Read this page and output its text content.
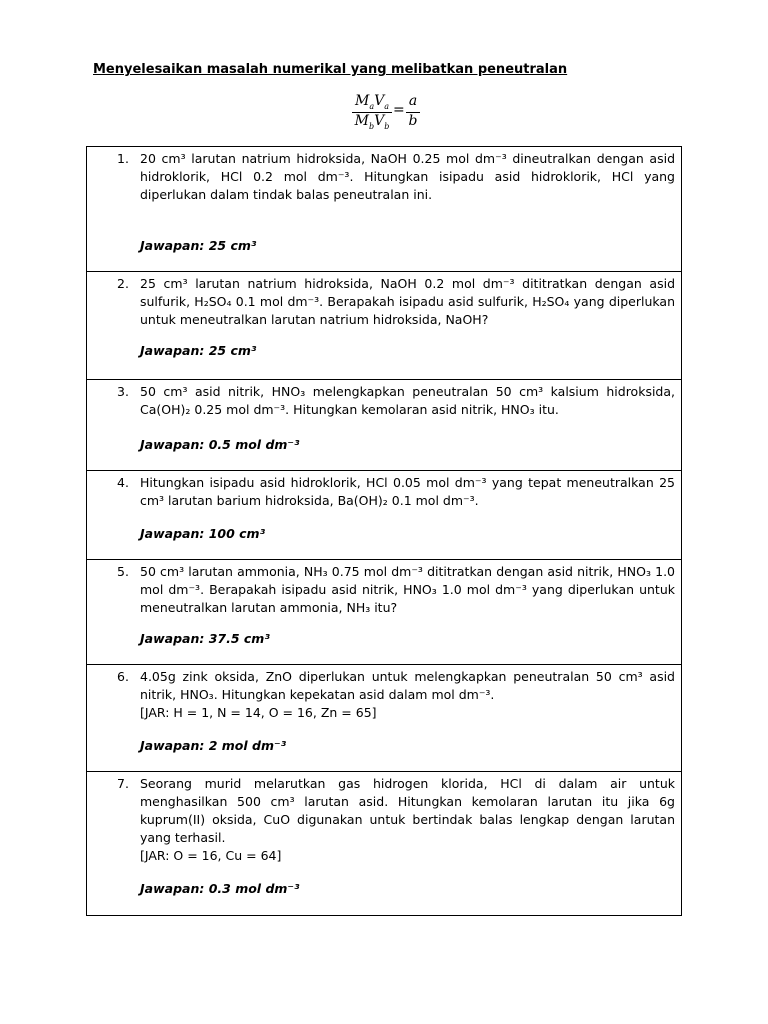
Menyelesaikan masalah numerikal yang melibatkan peneutralan
$M_aV_a$
$M_bV_b$
=
a
b
1. 20 cm³ larutan natrium hidroksida, NaOH 0.25 mol dm⁻³ dineutralkan dengan asid hidroklorik, HCl 0.2 mol dm⁻³. Hitungkan isipadu asid hidroklorik, HCl yang diperlukan dalam tindak balas peneutralan ini.

Jawapan: 25 cm³
2. 25 cm³ larutan natrium hidroksida, NaOH 0.2 mol dm⁻³ dititratkan dengan asid sulfurik, H₂SO₄ 0.1 mol dm⁻³. Berapakah isipadu asid sulfurik, H₂SO₄ yang diperlukan untuk meneutralkan larutan natrium hidroksida, NaOH?

Jawapan: 25 cm³
3. 50 cm³ asid nitrik, HNO₃ melengkapkan peneutralan 50 cm³ kalsium hidroksida, Ca(OH)₂ 0.25 mol dm⁻³. Hitungkan kemolaran asid nitrik, HNO₃ itu.

Jawapan: 0.5 mol dm⁻³
4. Hitungkan isipadu asid hidroklorik, HCl 0.05 mol dm⁻³ yang tepat meneutralkan 25 cm³ larutan barium hidroksida, Ba(OH)₂ 0.1 mol dm⁻³.

Jawapan: 100 cm³
5. 50 cm³ larutan ammonia, NH₃ 0.75 mol dm⁻³ dititratkan dengan asid nitrik, HNO₃ 1.0 mol dm⁻³. Berapakah isipadu asid nitrik, HNO₃ 1.0 mol dm⁻³ yang diperlukan untuk meneutralkan larutan ammonia, NH₃ itu?

Jawapan: 37.5 cm³
6. 4.05g zink oksida, ZnO diperlukan untuk melengkapkan peneutralan 50 cm³ asid nitrik, HNO₃. Hitungkan kepekatan asid dalam mol dm⁻³.

[JAR: H = 1, N = 14, O = 16, Zn = 65]

Jawapan: 2 mol dm⁻³
7. Seorang murid melarutkan gas hidrogen klorida, HCl di dalam air untuk menghasilkan 500 cm³ larutan asid. Hitungkan kemolaran larutan itu jika 6g kuprum(II) oksida, CuO digunakan untuk bertindak balas lengkap dengan larutan yang terhasil.

[JAR: O = 16, Cu = 64]

Jawapan: 0.3 mol dm⁻³
